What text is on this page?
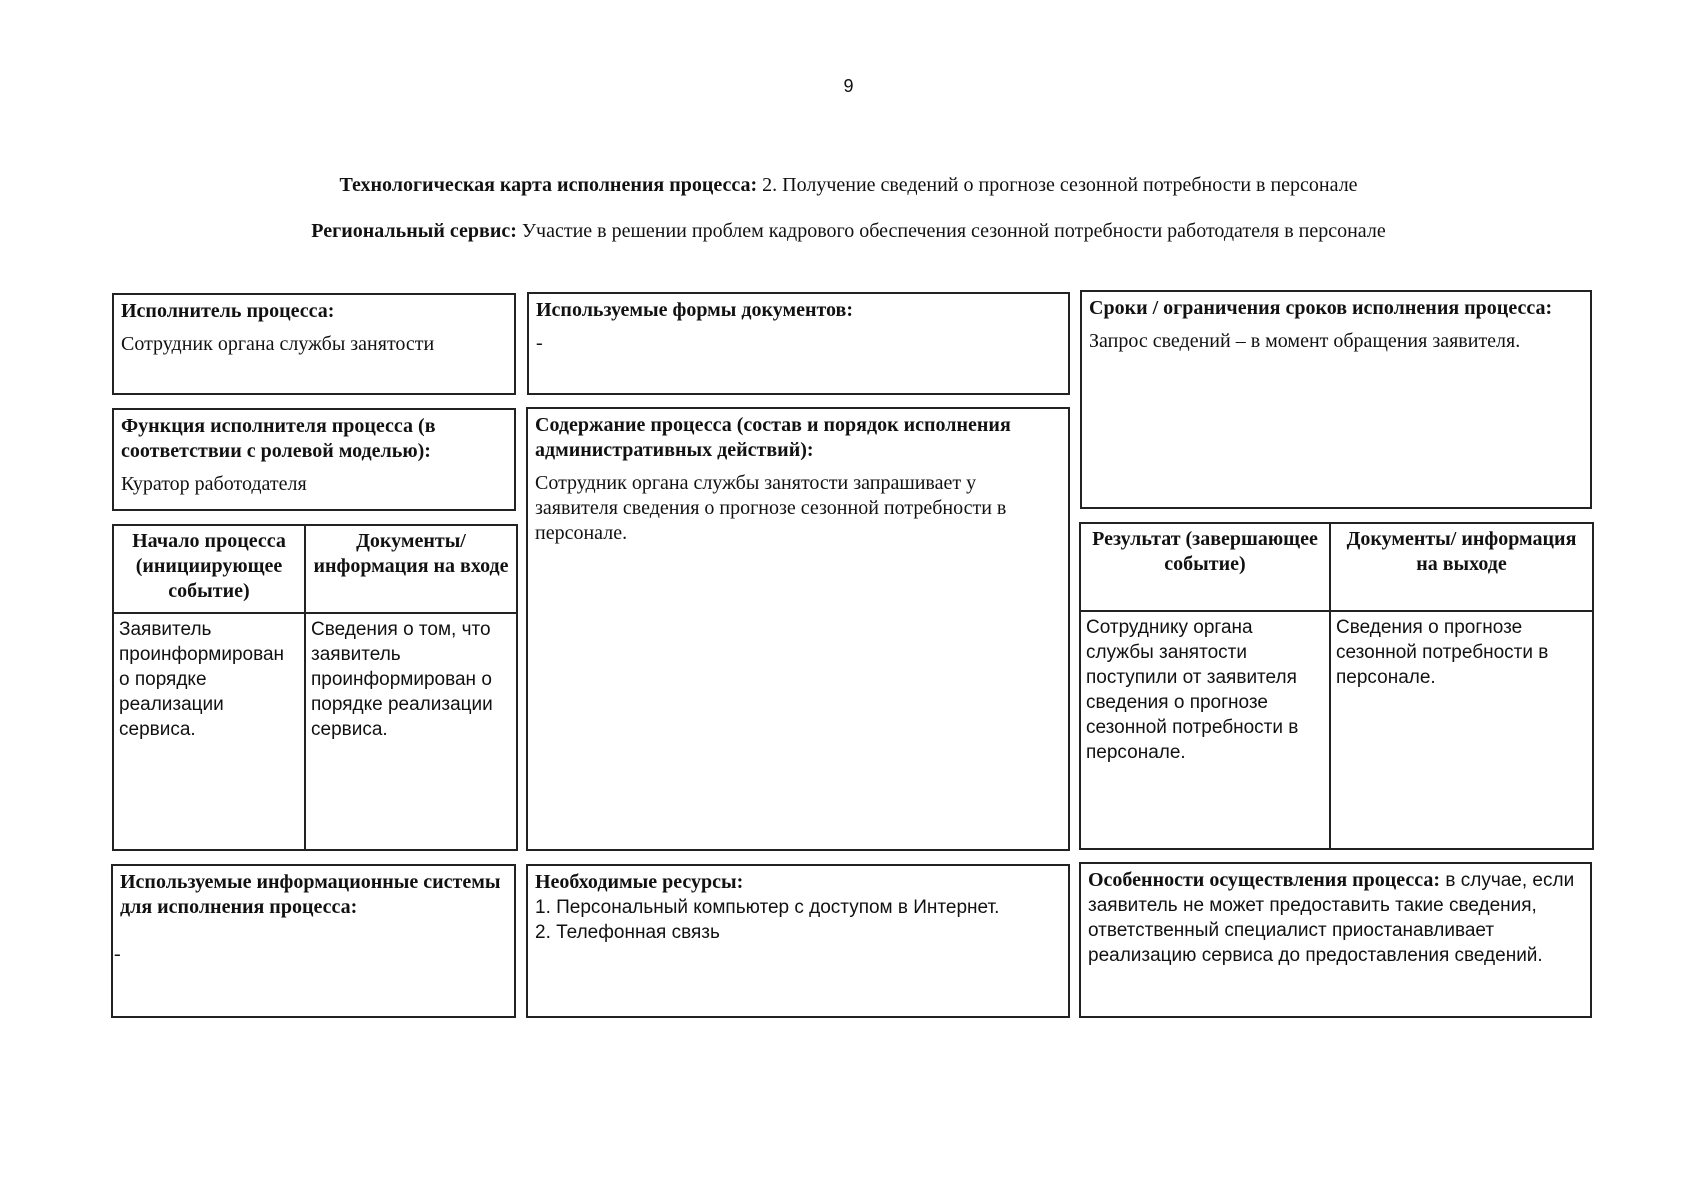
9
Технологическая карта исполнения процесса: 2. Получение сведений о прогнозе сезонной потребности в персонале
Региональный сервис: Участие в решении проблем кадрового обеспечения сезонной потребности работодателя в персонале
Исполнитель процесса:
Сотрудник органа службы занятости
Используемые формы документов:
-
Сроки / ограничения сроков исполнения процесса:
Запрос сведений – в момент обращения заявителя.
Функция исполнителя процесса (в соответствии с ролевой моделью):
Куратор работодателя
Содержание процесса (состав и порядок исполнения административных действий):
Сотрудник органа службы занятости запрашивает у заявителя сведения о прогнозе сезонной потребности в персонале.
Начало процесса (инициирующее событие)	Документы/ информация на входе
Заявитель проинформирован о порядке реализации сервиса.	Сведения о том, что заявитель проинформирован о порядке реализации сервиса.
Результат (завершающее событие)	Документы/ информация на выходе
Сотруднику органа службы занятости поступили от заявителя сведения о прогнозе сезонной потребности в персонале.	Сведения о прогнозе сезонной потребности в персонале.
Используемые информационные системы для исполнения процесса:
-
Необходимые ресурсы:
1. Персональный компьютер с доступом в Интернет.
2. Телефонная связь
Особенности осуществления процесса: в случае, если заявитель не может предоставить такие сведения, ответственный специалист приостанавливает реализацию сервиса до предоставления сведений.
